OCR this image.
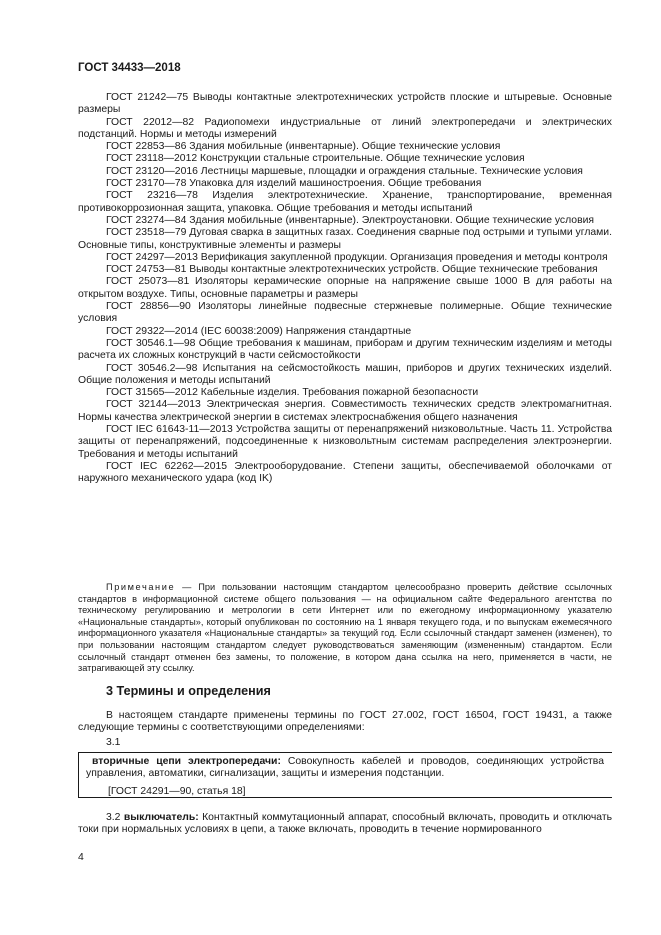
ГОСТ 34433—2018

ГОСТ 21242—75 Выводы контактные электротехнических устройств плоские и штыревые. Основные размеры
ГОСТ 22012—82 Радиопомехи индустриальные от линий электропередачи и электрических подстанций. Нормы и методы измерений
ГОСТ 22853—86 Здания мобильные (инвентарные). Общие технические условия
ГОСТ 23118—2012 Конструкции стальные строительные. Общие технические условия
ГОСТ 23120—2016 Лестницы маршевые, площадки и ограждения стальные. Технические условия
ГОСТ 23170—78 Упаковка для изделий машиностроения. Общие требования
ГОСТ 23216—78 Изделия электротехнические. Хранение, транспортирование, временная противокоррозионная защита, упаковка. Общие требования и методы испытаний
ГОСТ 23274—84 Здания мобильные (инвентарные). Электроустановки. Общие технические условия
ГОСТ 23518—79 Дуговая сварка в защитных газах. Соединения сварные под острыми и тупыми углами. Основные типы, конструктивные элементы и размеры
ГОСТ 24297—2013 Верификация закупленной продукции. Организация проведения и методы контроля
ГОСТ 24753—81 Выводы контактные электротехнических устройств. Общие технические требования
ГОСТ 25073—81 Изоляторы керамические опорные на напряжение свыше 1000 В для работы на открытом воздухе. Типы, основные параметры и размеры
ГОСТ 28856—90 Изоляторы линейные подвесные стержневые полимерные. Общие технические условия
ГОСТ 29322—2014 (IEC 60038:2009) Напряжения стандартные
ГОСТ 30546.1—98 Общие требования к машинам, приборам и другим техническим изделиям и методы расчета их сложных конструкций в части сейсмостойкости
ГОСТ 30546.2—98 Испытания на сейсмостойкость машин, приборов и других технических изделий. Общие положения и методы испытаний
ГОСТ 31565—2012 Кабельные изделия. Требования пожарной безопасности
ГОСТ 32144—2013 Электрическая энергия. Совместимость технических средств электромагнитная. Нормы качества электрической энергии в системах электроснабжения общего назначения
ГОСТ IEC 61643-11—2013 Устройства защиты от перенапряжений низковольтные. Часть 11. Устройства защиты от перенапряжений, подсоединенные к низковольтным системам распределения электроэнергии. Требования и методы испытаний
ГОСТ IEC 62262—2015 Электрооборудование. Степени защиты, обеспечиваемой оболочками от наружного механического удара (код IK)

Примечание — При пользовании настоящим стандартом целесообразно проверить действие ссылочных стандартов в информационной системе общего пользования — на официальном сайте Федерального агентства по техническому регулированию и метрологии в сети Интернет или по ежегодному информационному указателю «Национальные стандарты», который опубликован по состоянию на 1 января текущего года, и по выпускам ежемесячного информационного указателя «Национальные стандарты» за текущий год. Если ссылочный стандарт заменен (изменен), то при пользовании настоящим стандартом следует руководствоваться заменяющим (измененным) стандартом. Если ссылочный стандарт отменен без замены, то положение, в котором дана ссылка на него, применяется в части, не затрагивающей эту ссылку.

3 Термины и определения

В настоящем стандарте применены термины по ГОСТ 27.002, ГОСТ 16504, ГОСТ 19431, а также следующие термины с соответствующими определениями:

3.1

вторичные цепи электропередачи: Совокупность кабелей и проводов, соединяющих устройства управления, автоматики, сигнализации, защиты и измерения подстанции.

[ГОСТ 24291—90, статья 18]

3.2 выключатель: Контактный коммутационный аппарат, способный включать, проводить и отключать токи при нормальных условиях в цепи, а также включать, проводить в течение нормированного

4
